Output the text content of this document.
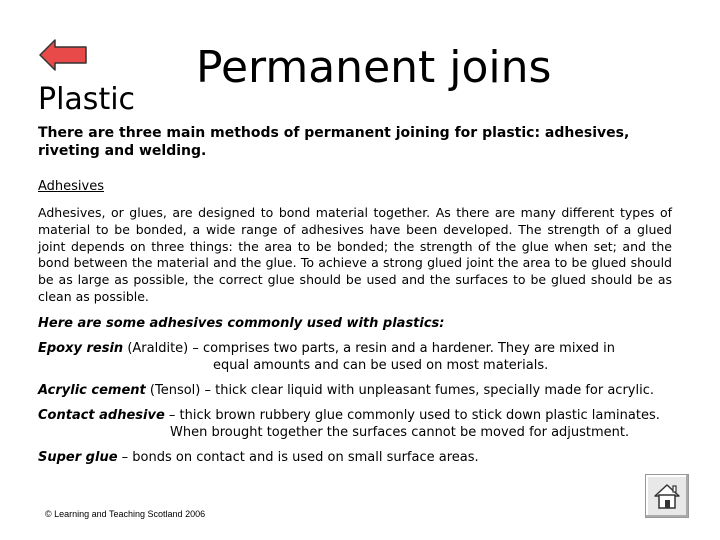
Plastic
Permanent joins
There are three main methods of permanent joining for plastic: adhesives, riveting and welding.
Adhesives
Adhesives, or glues, are designed to bond material together. As there are many different types of material to be bonded, a wide range of adhesives have been developed. The strength of a glued joint depends on three things: the area to be bonded; the strength of the glue when set; and the bond between the material and the glue. To achieve a strong glued joint the area to be glued should be as large as possible, the correct glue should be used and the surfaces to be glued should be as clean as possible.
Here are some adhesives commonly used with plastics:
Epoxy resin (Araldite) – comprises two parts, a resin and a hardener. They are mixed in
equal amounts and can be used on most materials.
Acrylic cement (Tensol) – thick clear liquid with unpleasant fumes, specially made for acrylic.
Contact adhesive – thick brown rubbery glue commonly used to stick down plastic laminates.
When brought together the surfaces cannot be moved for adjustment.
Super glue – bonds on contact and is used on small surface areas.
© Learning and Teaching Scotland 2006
